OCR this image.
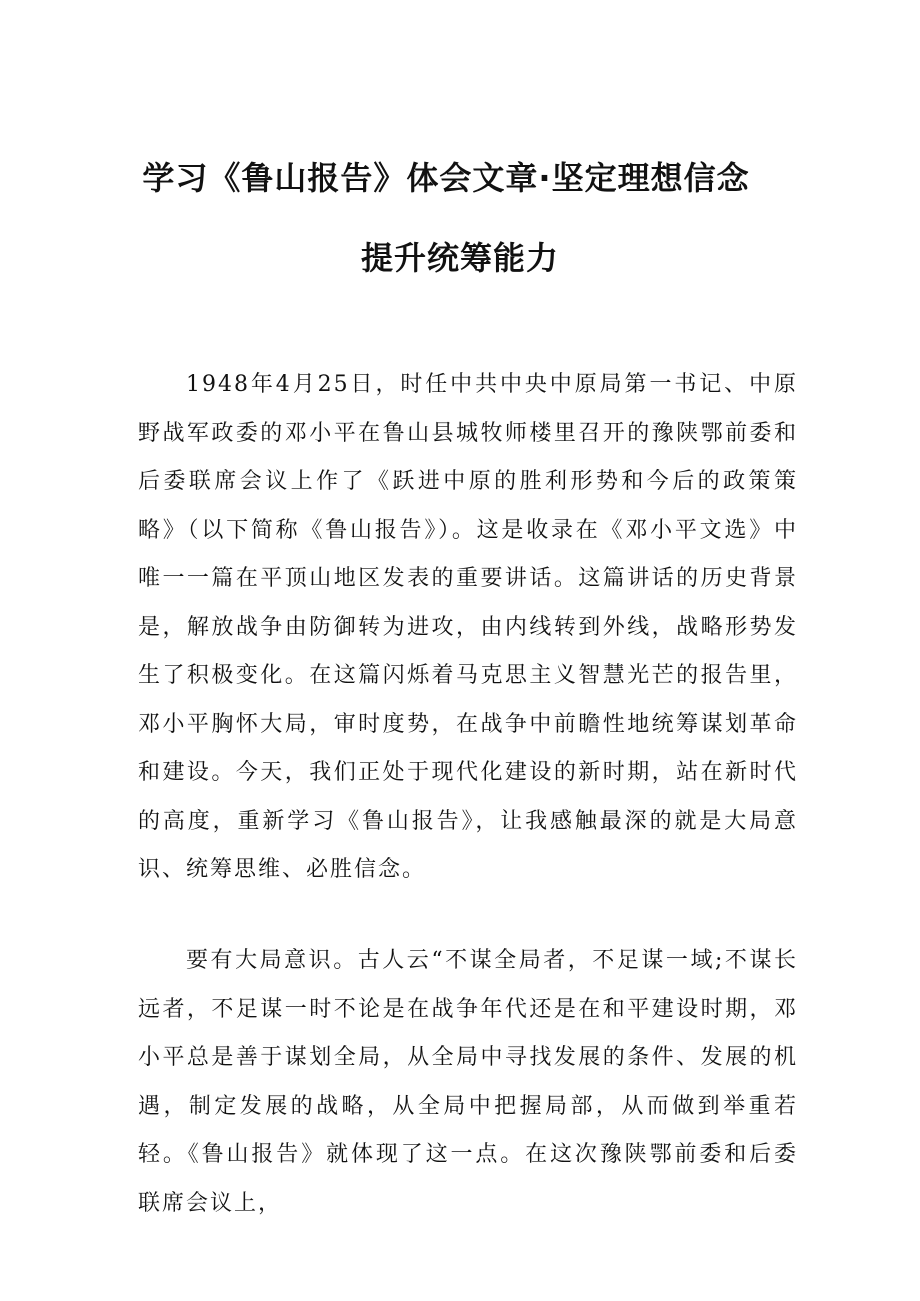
学习《鲁山报告》体会文章·坚定理想信念
提升统筹能力

1948年4月25日，时任中共中央中原局第一书记、中原野战军政委的邓小平在鲁山县城牧师楼里召开的豫陕鄂前委和后委联席会议上作了《跃进中原的胜利形势和今后的政策策略》（以下简称《鲁山报告》）。这是收录在《邓小平文选》中唯一一篇在平顶山地区发表的重要讲话。这篇讲话的历史背景是，解放战争由防御转为进攻，由内线转到外线，战略形势发生了积极变化。在这篇闪烁着马克思主义智慧光芒的报告里，邓小平胸怀大局，审时度势，在战争中前瞻性地统筹谋划革命和建设。今天，我们正处于现代化建设的新时期，站在新时代的高度，重新学习《鲁山报告》，让我感触最深的就是大局意识、统筹思维、必胜信念。

要有大局意识。古人云“不谋全局者，不足谋一域;不谋长远者，不足谋一时不论是在战争年代还是在和平建设时期，邓小平总是善于谋划全局，从全局中寻找发展的条件、发展的机遇，制定发展的战略，从全局中把握局部，从而做到举重若轻。《鲁山报告》就体现了这一点。在这次豫陕鄂前委和后委联席会议上，
